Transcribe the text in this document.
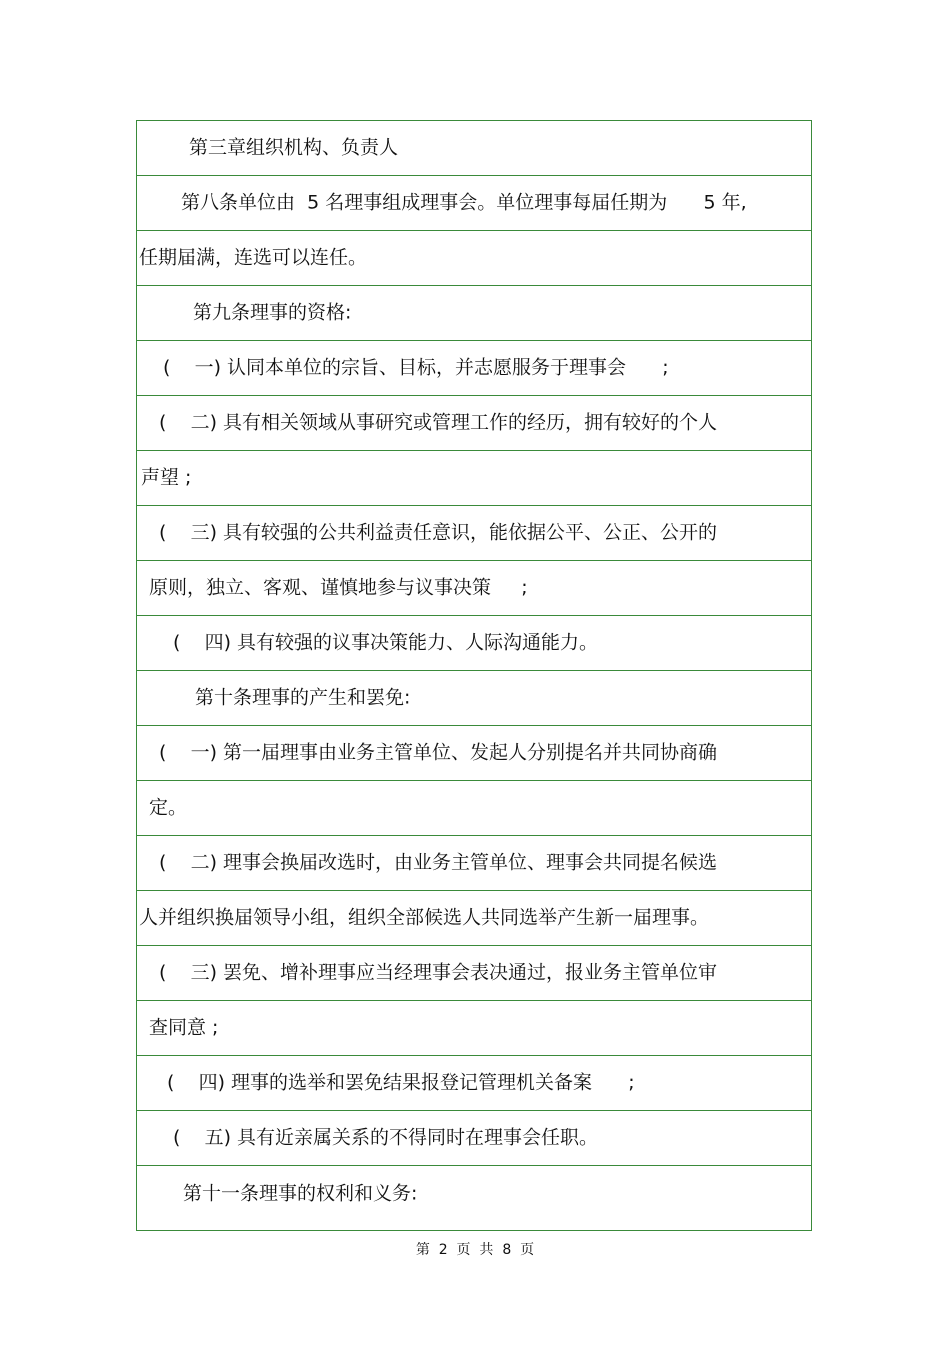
第三章组织机构、负责人
第八条单位由  5 名理事组成理事会。单位理事每届任期为      5 年,
任期届满，连选可以连任。
第九条理事的资格:
(    一) 认同本单位的宗旨、目标，并志愿服务于理事会      ;
(    二) 具有相关领域从事研究或管理工作的经历，拥有较好的个人
声望 ;
(    三) 具有较强的公共利益责任意识，能依据公平、公正、公开的
原则，独立、客观、谨慎地参与议事决策     ;
(    四) 具有较强的议事决策能力、人际沟通能力。
第十条理事的产生和罢免:
(    一) 第一届理事由业务主管单位、发起人分别提名并共同协商确
定。
(    二) 理事会换届改选时，由业务主管单位、理事会共同提名候选
人并组织换届领导小组，组织全部候选人共同选举产生新一届理事。
(    三) 罢免、增补理事应当经理事会表决通过，报业务主管单位审
查同意 ;
(    四) 理事的选举和罢免结果报登记管理机关备案      ;
(    五) 具有近亲属关系的不得同时在理事会任职。
第十一条理事的权利和义务:
第  2  页  共  8  页
